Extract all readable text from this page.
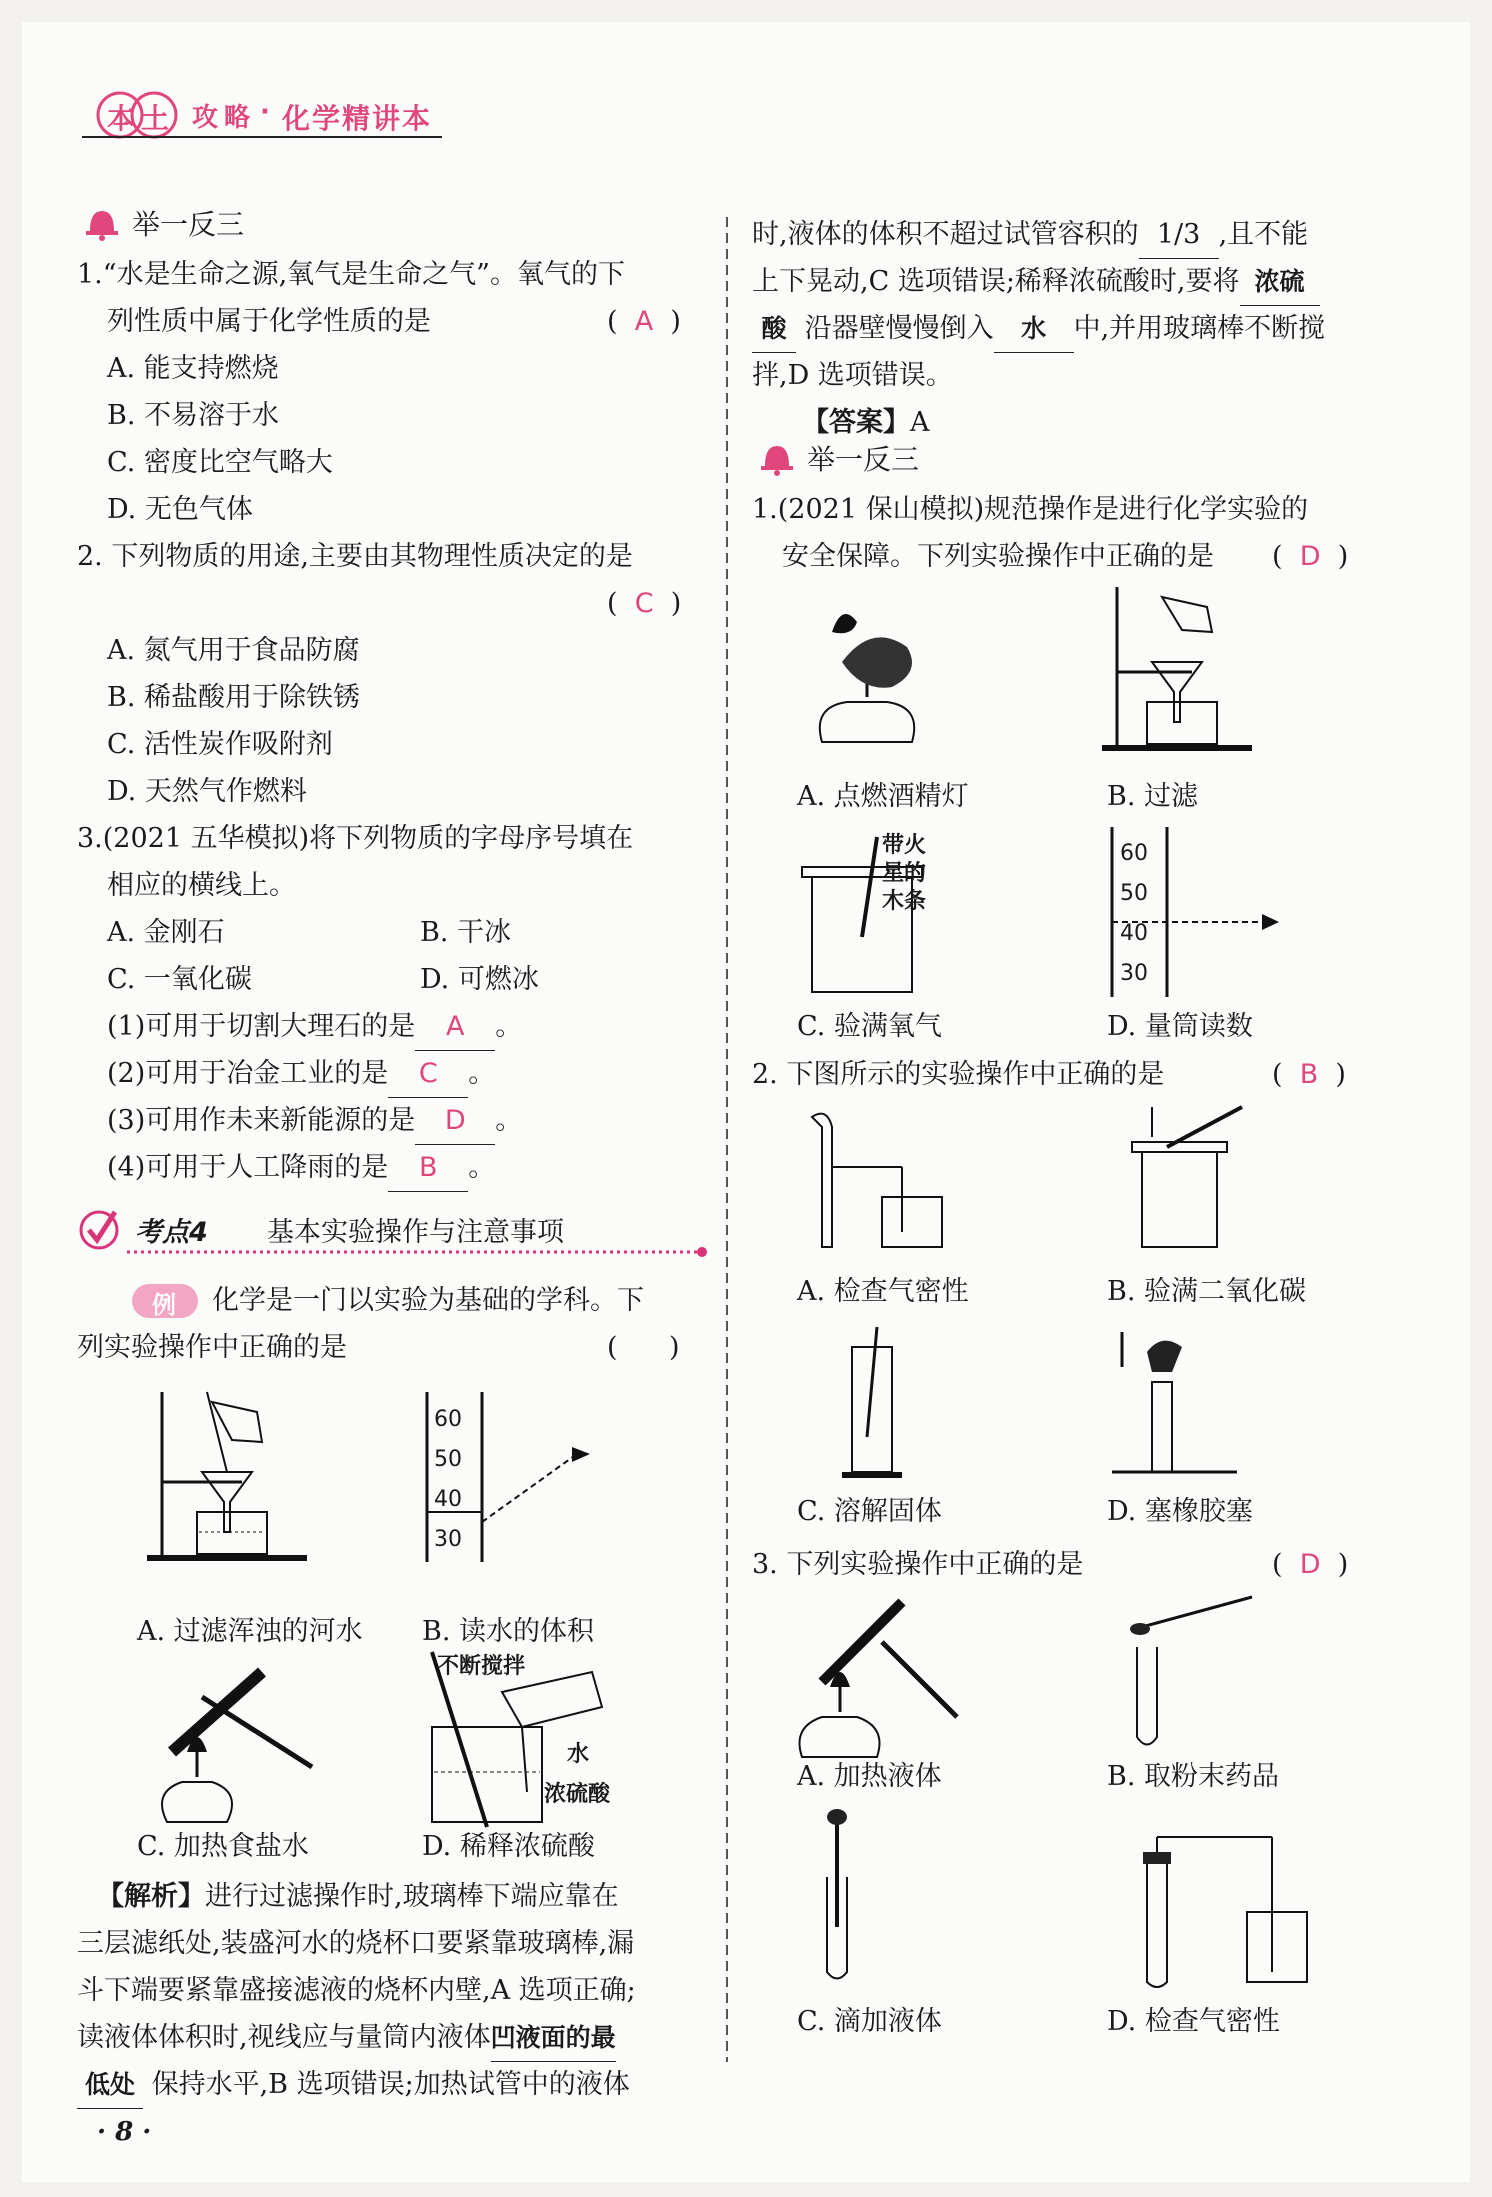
本 土 攻 略 · 化学精讲本
举一反三
1.“水是生命之源,氧气是生命之气”。氧气的下
列性质中属于化学性质的是	( A )
A. 能支持燃烧
B. 不易溶于水
C. 密度比空气略大
D. 无色气体
2. 下列物质的用途,主要由其物理性质决定的是
( C )
A. 氮气用于食品防腐
B. 稀盐酸用于除铁锈
C. 活性炭作吸附剂
D. 天然气作燃料
3.(2021 五华模拟)将下列物质的字母序号填在
相应的横线上。
A. 金刚石	B. 干冰
C. 一氧化碳	D. 可燃冰
(1)可用于切割大理石的是 A 。
(2)可用于冶金工业的是 C 。
(3)可用作未来新能源的是 D 。
(4)可用于人工降雨的是 B 。
考点4 基本实验操作与注意事项
例 化学是一门以实验为基础的学科。下
列实验操作中正确的是	(      )
60
50
40
30
A. 过滤浑浊的河水 B. 读水的体积
不断搅拌
水
浓硫酸
C. 加热食盐水	D. 稀释浓硫酸
【解析】进行过滤操作时,玻璃棒下端应靠在
三层滤纸处,装盛河水的烧杯口要紧靠玻璃棒,漏
斗下端要紧靠盛接滤液的烧杯内壁,A 选项正确;
读液体体积时,视线应与量筒内液体凹液面的最
低处 保持水平,B 选项错误;加热试管中的液体
· 8 ·
时,液体的体积不超过试管容积的 1/3 ,且不能
上下晃动,C 选项错误;稀释浓硫酸时,要将 浓硫
酸 沿器壁慢慢倒入 水 中,并用玻璃棒不断搅
拌,D 选项错误。
【答案】A
举一反三
1.(2021 保山模拟)规范操作是进行化学实验的
安全保障。下列实验操作中正确的是 ( D )
A. 点燃酒精灯	B. 过滤
带火
星的
木条
60
50
40
30
C. 验满氧气	D. 量筒读数
2. 下图所示的实验操作中正确的是	( B )
A. 检查气密性	B. 验满二氧化碳
C. 溶解固体	D. 塞橡胶塞
3. 下列实验操作中正确的是	( D )
A. 加热液体	B. 取粉末药品
C. 滴加液体	D. 检查气密性
